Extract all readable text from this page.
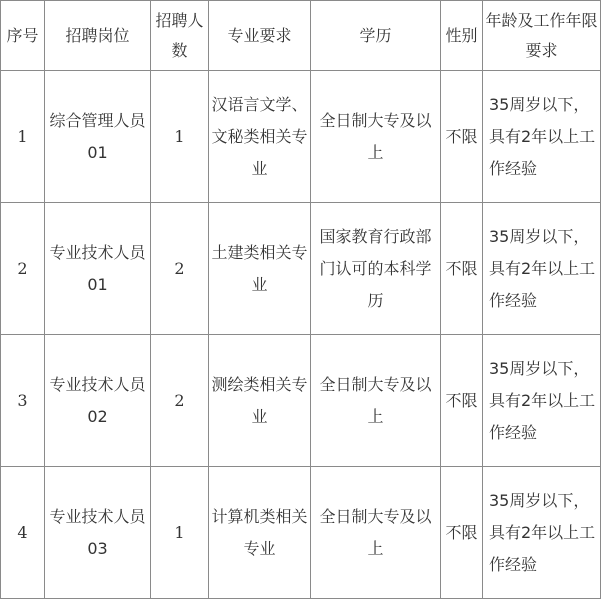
序号	招聘岗位	招聘人数	专业要求	学历	性别	年龄及工作年限要求
1	综合管理人员01	1	汉语言文学、文秘类相关专业	全日制大专及以上	不限	35周岁以下，具有2年以上工作经验
2	专业技术人员01	2	土建类相关专业	国家教育行政部门认可的本科学历	不限	35周岁以下，具有2年以上工作经验
3	专业技术人员02	2	测绘类相关专业	全日制大专及以上	不限	35周岁以下，具有2年以上工作经验
4	专业技术人员03	1	计算机类相关专业	全日制大专及以上	不限	35周岁以下，具有2年以上工作经验
